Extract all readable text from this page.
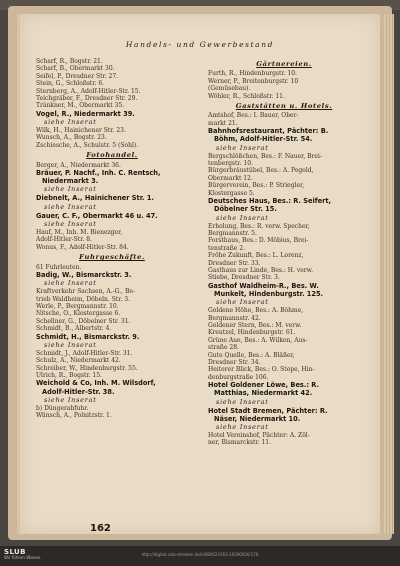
Handels- und Gewerbestand
Scharf, R., Bogstr. 21.
Scharf, B., Obermarkt 30.
Seifel, P., Dresdner Str. 27.
Stein, G., Schloßstr. 6.
Sternberg, A., Adolf-Hitler-Str. 15.
Teichgräber, F., Dresdner Str. 29.
Tränkner, M., Obermarkt 35.
Vogel, R., Niedermarkt 39.
siehe Inserat
Wilk, H., Hainichener Str. 23.
Wunsch, A., Bogstr. 23.
Zschiesche, A., Schulstr. 5 (Sohl).
Fotohandel.
Berger, A., Niedermarkt 36.
Bräuer, P. Nachf., Inh. C. Rentsch,
Niedermarkt 3.
siehe Inserat
Diebnelt, A., Hainichener Str. 1.
siehe Inserat
Gauer, C. F., Obermarkt 46 u. 47.
siehe Inserat
Hauf, M., Inh. M. Bienezger,
Adolf-Hitler-Str. 8.
Wonus, F., Adolf-Hitler-Str. 84.
Fuhrgeschäfte.
61 Fuhrleuten.
Badig, W., Bismarckstr. 3.
siehe Inserat
Kraftverkehr Sachsen, A.-G., Be-
trieb Waldheim, Döbeln. Str. 3.
Werle, P., Bergmannstr. 10.
Nitsche, O., Klostergasse 6.
Schellner, G., Döbelner Str. 31.
Schmidt, B., Albertstr. 4.
Schmidt, H., Bismarckstr. 9.
siehe Inserat
Schmidt, J., Adolf-Hitler-Str. 31.
Schulz, A., Niedermarkt 42.
Schreiber, W., Hindenburgstr. 55.
Ulrich, R., Bogstr. 15.
Weichold & Co, Inh. M. Wilsdorf,
Adolf-Hitler-Str. 38.
siehe Inserat
b) Düngerabfuhr.
Wünsch, A., Polnitzstr. 1.
Gärtnereien.
Furth, R., Hindenburgstr. 10.
Werner, P., Breitenburgstr. 10
(Gemüsebau).
Wöhler, R., Schloßstr. 11.
Gaststätten u. Hotels.
Amtshof, Bes.: I. Bauer, Ober-
markt 21.
Bahnhofsrestaurant, Pächter: B.
Böhm, Adolf-Hitler-Str. 54.
siehe Inserat
Bergschlößchen, Bes.: F. Nauer, Brei-
tenbergstr. 10.
Bürgerbräustübel, Bes.: A. Pegold,
Obermarkt 12.
Bürgerverein, Bes.: P. Striegler,
Klostergasse 5.
Deutsches Haus, Bes.: R. Seifert,
Döbelner Str. 15.
siehe Inserat
Erholung, Bes.: R. verw. Specher,
Bergmannstr. 5.
Forsthaus, Bes.: D. Möbius, Brei-
tenstraße 2.
Fröhe Zukunft, Bes.: L. Lorenz,
Dresdner Str. 33.
Gasthaus zur Linde, Bes.: H. verw.
Stiebe, Dresdner Str. 3.
Gasthof Waldheim-R., Bes. W.
Munkelt, Hindenburgstr. 125.
siehe Inserat
Goldene Höhe, Bes.: A. Böhme,
Bergmannstr. 42.
Goldener Stern, Bes.: M. verw.
Kreutzel, Hindenburgstr. 61.
Grüne Aue, Bes.: A. Wilken, Aus-
straße 28.
Gute Quelle, Bes.: A. Bläßer,
Dresdner Str. 34.
Heiterer Blick, Bes.: O. Stope, Hin-
denburgstraße 106.
Hotel Goldener Löwe, Bes.: R.
Matthias, Niedermarkt 42.
siehe Inserat
Hotel Stadt Bremen, Pächter: R.
Näser, Niedermarkt 10.
siehe Inserat
Hotel Vereinshof, Pächter: A. Zöl-
ner, Bismarckstr. 11.
162
SLUB
Wir führen Wissen.
http://digital.slub-dresden.de/id380623163-19390000/176
